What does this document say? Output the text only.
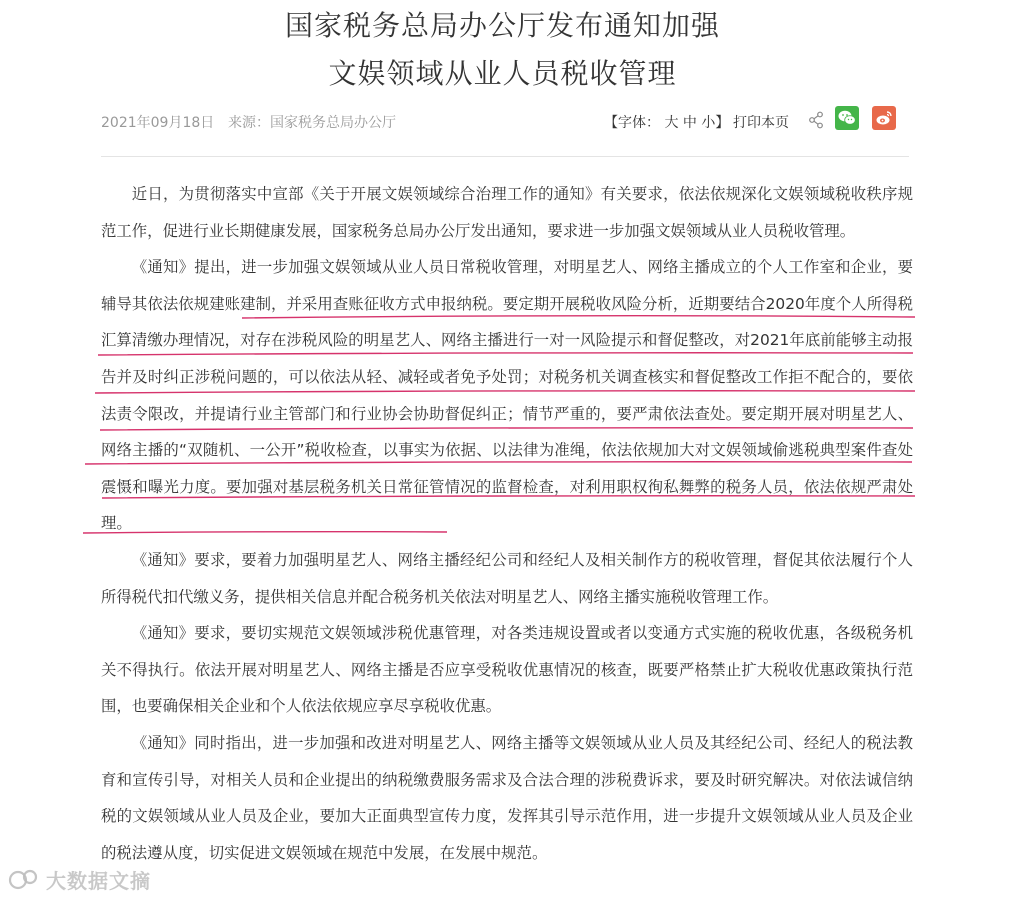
国家税务总局办公厅发布通知加强
文娱领域从业人员税收管理
2021年09月18日 来源： 国家税务总局办公厅	【字体： 大 中 小】 打印本页

近日，为贯彻落实中宣部《关于开展文娱领域综合治理工作的通知》有关要求，依法依规深化文娱领域税收秩序规范工作，促进行业长期健康发展，国家税务总局办公厅发出通知，要求进一步加强文娱领域从业人员税收管理。

《通知》提出，进一步加强文娱领域从业人员日常税收管理，对明星艺人、网络主播成立的个人工作室和企业，要辅导其依法依规建账建制，并采用查账征收方式申报纳税。要定期开展税收风险分析，近期要结合2020年度个人所得税汇算清缴办理情况，对存在涉税风险的明星艺人、网络主播进行一对一风险提示和督促整改，对2021年底前能够主动报告并及时纠正涉税问题的，可以依法从轻、减轻或者免予处罚；对税务机关调查核实和督促整改工作拒不配合的，要依法责令限改，并提请行业主管部门和行业协会协助督促纠正；情节严重的，要严肃依法查处。要定期开展对明星艺人、网络主播的“双随机、一公开”税收检查，以事实为依据、以法律为准绳，依法依规加大对文娱领域偷逃税典型案件查处震慑和曝光力度。要加强对基层税务机关日常征管情况的监督检查，对利用职权徇私舞弊的税务人员，依法依规严肃处理。

《通知》要求，要着力加强明星艺人、网络主播经纪公司和经纪人及相关制作方的税收管理，督促其依法履行个人所得税代扣代缴义务，提供相关信息并配合税务机关依法对明星艺人、网络主播实施税收管理工作。

《通知》要求，要切实规范文娱领域涉税优惠管理，对各类违规设置或者以变通方式实施的税收优惠，各级税务机关不得执行。依法开展对明星艺人、网络主播是否应享受税收优惠情况的核查，既要严格禁止扩大税收优惠政策执行范围，也要确保相关企业和个人依法依规应享尽享税收优惠。

《通知》同时指出，进一步加强和改进对明星艺人、网络主播等文娱领域从业人员及其经纪公司、经纪人的税法教育和宣传引导，对相关人员和企业提出的纳税缴费服务需求及合法合理的涉税费诉求，要及时研究解决。对依法诚信纳税的文娱领域从业人员及企业，要加大正面典型宣传力度，发挥其引导示范作用，进一步提升文娱领域从业人员及企业的税法遵从度，切实促进文娱领域在规范中发展，在发展中规范。

大数据文摘
